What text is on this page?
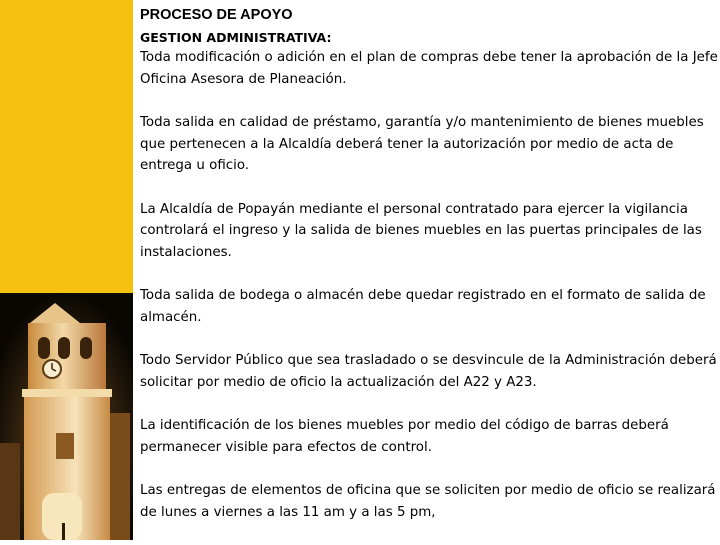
PROCESO DE APOYO
GESTION ADMINISTRATIVA:

Toda modificación o adición en el plan de compras debe tener la aprobación de la Jefe Oficina Asesora de Planeación.

Toda salida en calidad de préstamo, garantía y/o mantenimiento de bienes muebles que pertenecen a la Alcaldía deberá tener la autorización por medio de acta de entrega u oficio.

La Alcaldía de Popayán mediante el personal contratado para ejercer la vigilancia controlará el ingreso y la salida de bienes muebles en las puertas principales de las instalaciones.

Toda salida de bodega o almacén debe quedar registrado en el formato de salida de almacén.

Todo Servidor Público que sea trasladado o se desvincule de la Administración deberá solicitar por medio de oficio la actualización del A22 y A23.

La identificación de los bienes muebles por medio del código de barras deberá permanecer visible para efectos de control.

Las entregas de elementos de oficina que se soliciten por medio de oficio se realizará de lunes a viernes a las 11 am y a las 5 pm,
